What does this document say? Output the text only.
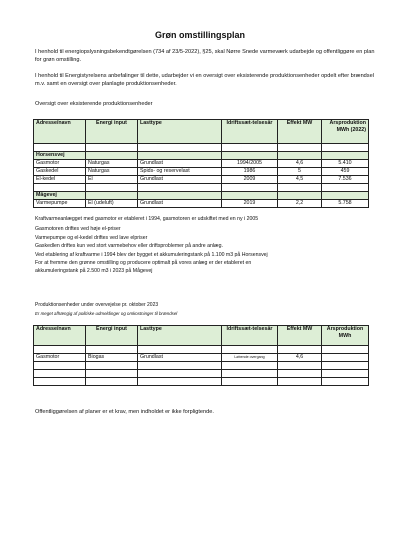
Grøn omstillingsplan

I henhold til energiopslysningsbekendtgørelsen (734 af 23/5-2022), §25, skal Nørre Snede varmeværk udarbejde og offentliggøre en plan for grøn omstilling.

I henhold til Energistyrelsens anbefalinger til dette, udarbejder vi en oversigt over eksisterende produktionsenheder opdelt efter brændsel m.v. samt en oversigt over planlagte produktionsenheder.

Oversigt over eksisterende produktionsenheder

Adresse/navn	Energi input	Lasttype	Idriftssæt-telsesår	Effekt MW	Årsproduktion MWh (2022)

Horsensvej					
Gasmotor	Naturgas	Grundlast	1994/2005	4,6	5.410
Gaskedel	Naturgas	Spids- og reservelast	1986	5	459
El-kedel	El	Grundlast	2009	4,5	7.536

Mågevej					
Varmepumpe	El (udeluft)	Grundlast	2019	2,2	5.758
Kraftvarmeanlægget med gasmotor er etableret i 1994, gasmotoren er udskiftet med en ny i 2005
Gasmotoren driftes ved høje el-priser
Varmepumpe og el-kedel driftes ved lave elpriser
Gaskedlen driftes kun ved stort varmebehov eller driftsproblemer på andre anlæg.
Ved etablering af kraftvarme i 1994 blev der bygget et akkumuleringstank på 1.100 m3 på Horsensvej
For at fremme den grønne omstilling og producere optimalt på vores anlæg er der etableret en
akkumuleringstank på 2.500 m3 i 2023 på Mågevej

Produktionsenheder under overvejelse pr. oktober 2023

Er meget afhængig af politiske udmeldinger og omkostninger til brændsel

Adresse/navn	Energi input	Lasttype	Idriftssæt-telsesår	Effekt MW	Årsproduktion MWh

Gasmotor	Biogas	Grundlast	Løbende overgang	4,6	

Offentliggørelsen af planer er et krav, men indholdet er ikke forpligtende.
